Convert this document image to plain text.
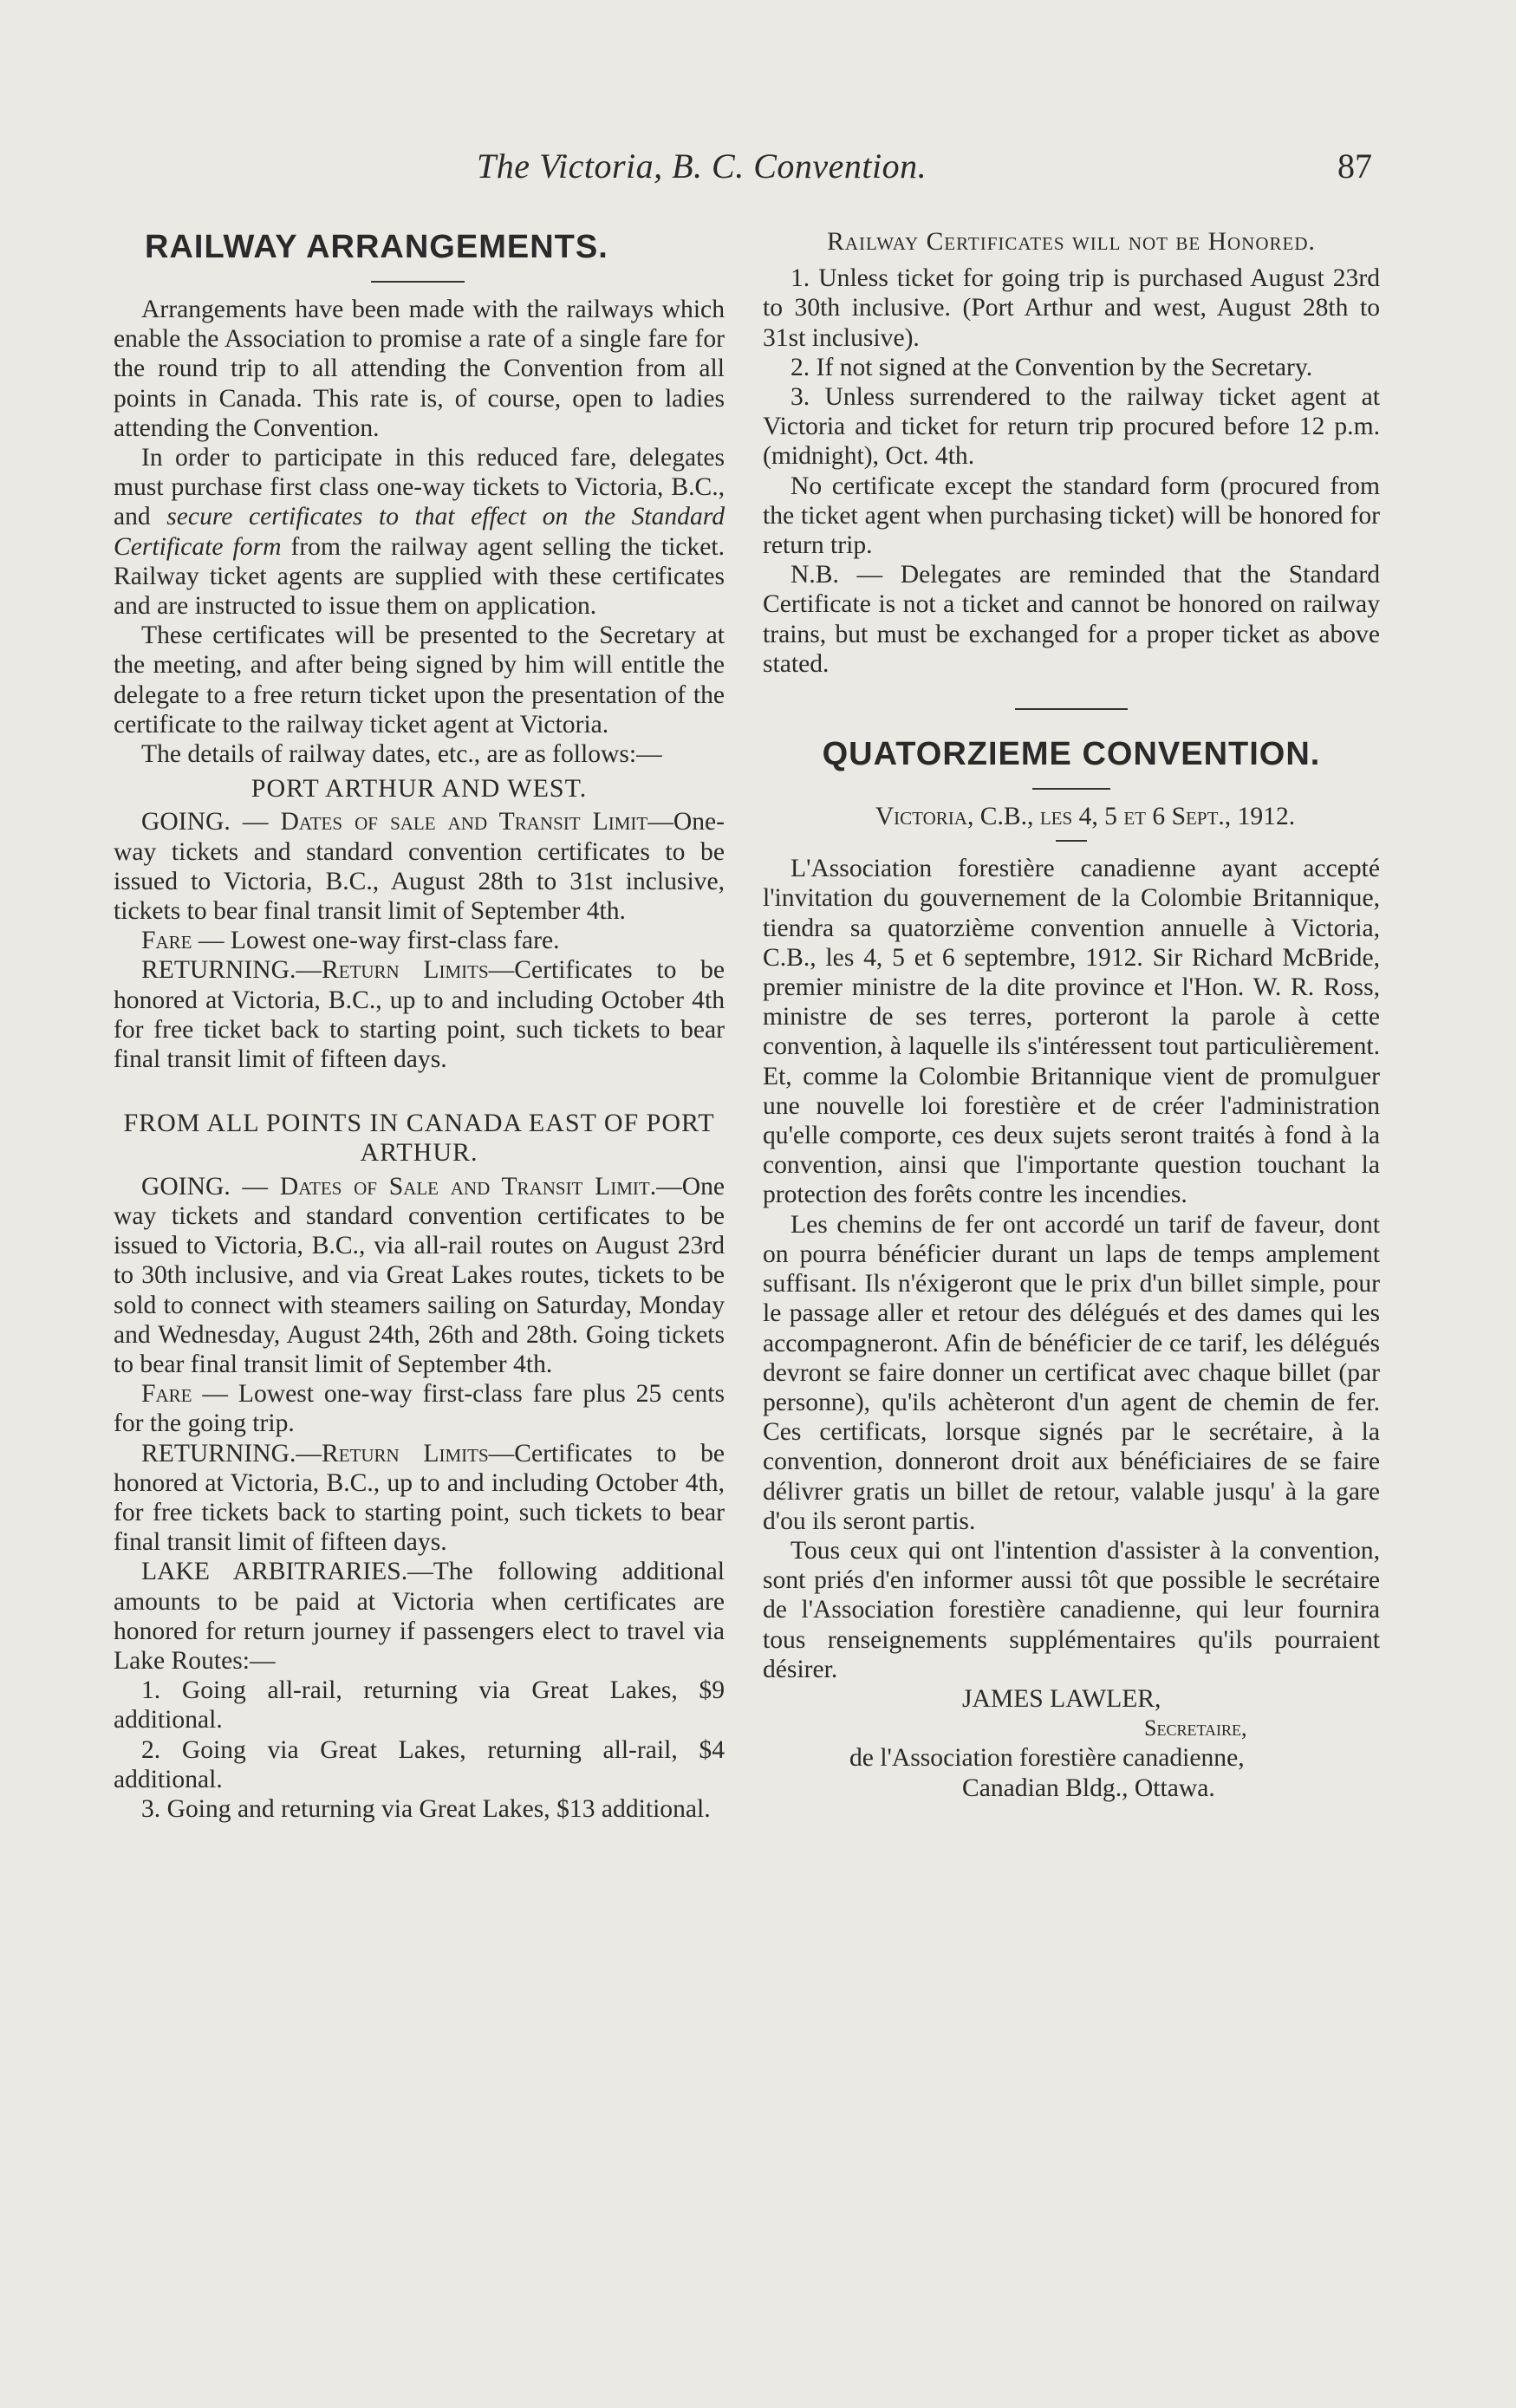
The Victoria, B. C. Convention.	87
RAILWAY ARRANGEMENTS.

Arrangements have been made with the railways which enable the Association to promise a rate of a single fare for the round trip to all attending the Convention from all points in Canada. This rate is, of course, open to ladies attending the Convention.

In order to participate in this reduced fare, delegates must purchase first class one-way tickets to Victoria, B.C., and secure certificates to that effect on the Standard Certificate form from the railway agent selling the ticket. Railway ticket agents are supplied with these certificates and are instructed to issue them on application.

These certificates will be presented to the Secretary at the meeting, and after being signed by him will entitle the delegate to a free return ticket upon the presentation of the certificate to the railway ticket agent at Victoria.

The details of railway dates, etc., are as follows:—

PORT ARTHUR AND WEST.

GOING. — Dates of sale and Transit Limit—One-way tickets and standard convention certificates to be issued to Victoria, B.C., August 28th to 31st inclusive, tickets to bear final transit limit of September 4th.

Fare — Lowest one-way first-class fare.

RETURNING.—Return Limits—Certificates to be honored at Victoria, B.C., up to and including October 4th for free ticket back to starting point, such tickets to bear final transit limit of fifteen days.

FROM ALL POINTS IN CANADA EAST OF PORT ARTHUR.

GOING. — Dates of Sale and Transit Limit.—One way tickets and standard convention certificates to be issued to Victoria, B.C., via all-rail routes on August 23rd to 30th inclusive, and via Great Lakes routes, tickets to be sold to connect with steamers sailing on Saturday, Monday and Wednesday, August 24th, 26th and 28th. Going tickets to bear final transit limit of September 4th.

Fare — Lowest one-way first-class fare plus 25 cents for the going trip.

RETURNING.—Return Limits—Certificates to be honored at Victoria, B.C., up to and including October 4th, for free tickets back to starting point, such tickets to bear final transit limit of fifteen days.

LAKE ARBITRARIES.—The following additional amounts to be paid at Victoria when certificates are honored for return journey if passengers elect to travel via Lake Routes:—

1. Going all-rail, returning via Great Lakes, $9 additional.

2. Going via Great Lakes, returning all-rail, $4 additional.

3. Going and returning via Great Lakes, $13 additional.

Railway Certificates will not be Honored.

1. Unless ticket for going trip is purchased August 23rd to 30th inclusive. (Port Arthur and west, August 28th to 31st inclusive).

2. If not signed at the Convention by the Secretary.

3. Unless surrendered to the railway ticket agent at Victoria and ticket for return trip procured before 12 p.m. (midnight), Oct. 4th.

No certificate except the standard form (procured from the ticket agent when purchasing ticket) will be honored for return trip.

N.B. — Delegates are reminded that the Standard Certificate is not a ticket and cannot be honored on railway trains, but must be exchanged for a proper ticket as above stated.

QUATORZIEME CONVENTION.

Victoria, C.B., les 4, 5 et 6 Sept., 1912.

L'Association forestière canadienne ayant accepté l'invitation du gouvernement de la Colombie Britannique, tiendra sa quatorzième convention annuelle à Victoria, C.B., les 4, 5 et 6 septembre, 1912. Sir Richard McBride, premier ministre de la dite province et l'Hon. W. R. Ross, ministre de ses terres, porteront la parole à cette convention, à laquelle ils s'intéressent tout particulièrement. Et, comme la Colombie Britannique vient de promulguer une nouvelle loi forestière et de créer l'administration qu'elle comporte, ces deux sujets seront traités à fond à la convention, ainsi que l'importante question touchant la protection des forêts contre les incendies.

Les chemins de fer ont accordé un tarif de faveur, dont on pourra bénéficier durant un laps de temps amplement suffisant. Ils n'éxigeront que le prix d'un billet simple, pour le passage aller et retour des délégués et des dames qui les accompagneront. Afin de bénéficier de ce tarif, les délégués devront se faire donner un certificat avec chaque billet (par personne), qu'ils achèteront d'un agent de chemin de fer. Ces certificats, lorsque signés par le secrétaire, à la convention, donneront droit aux bénéficiaires de se faire délivrer gratis un billet de retour, valable jusqu' à la gare d'ou ils seront partis.

Tous ceux qui ont l'intention d'assister à la convention, sont priés d'en informer aussi tôt que possible le secrétaire de l'Association forestière canadienne, qui leur fournira tous renseignements supplémentaires qu'ils pourraient désirer.

JAMES LAWLER,

Secretaire,

de l'Association forestière canadienne,

Canadian Bldg., Ottawa.
